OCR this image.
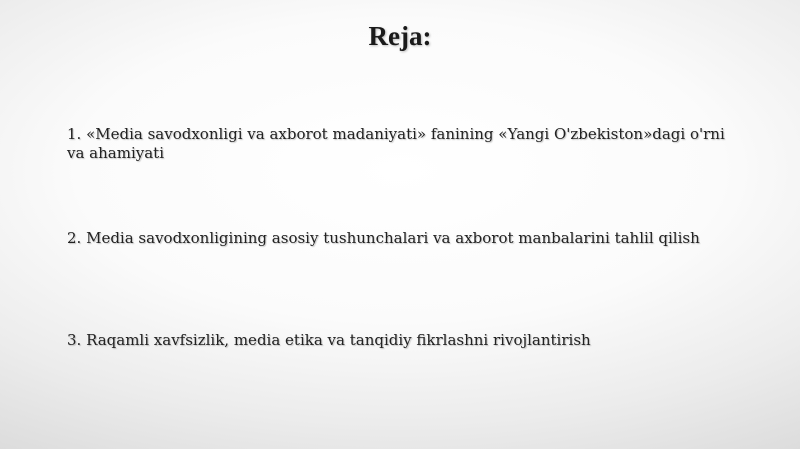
Reja:
1. «Media savodxonligi va axborot madaniyati» fanining «Yangi O'zbekiston»dagi o'rni va ahamiyati
2. Media savodxonligining asosiy tushunchalari va axborot manbalarini tahlil qilish
3. Raqamli xavfsizlik, media etika va tanqidiy fikrlashni rivojlantirish
